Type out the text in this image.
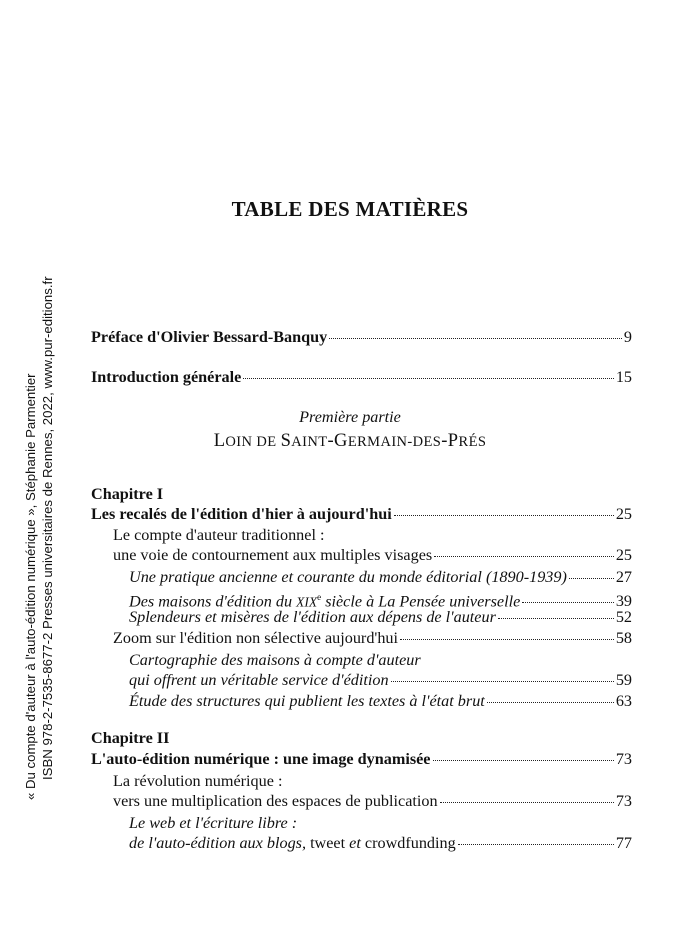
« Du compte d'auteur à l'auto-édition numérique », Stéphanie Parmentier ISBN 978-2-7535-8677-2 Presses universitaires de Rennes, 2022, www.pur-editions.fr
TABLE DES MATIÈRES
Préface d'Olivier Bessard-Banquy	9
Introduction générale	15
Première partie
LOIN DE SAINT-GERMAIN-DES-PRÉS
Chapitre I
Les recalés de l'édition d'hier à aujourd'hui	25
Le compte d'auteur traditionnel :
une voie de contournement aux multiples visages	25
Une pratique ancienne et courante du monde éditorial (1890-1939)	27
Des maisons d'édition du XIXe siècle à La Pensée universelle	39
Splendeurs et misères de l'édition aux dépens de l'auteur	52
Zoom sur l'édition non sélective aujourd'hui	58
Cartographie des maisons à compte d'auteur
qui offrent un véritable service d'édition	59
Étude des structures qui publient les textes à l'état brut	63
Chapitre II
L'auto-édition numérique : une image dynamisée	73
La révolution numérique :
vers une multiplication des espaces de publication	73
Le web et l'écriture libre :
de l'auto-édition aux blogs, tweet et crowdfunding	77
